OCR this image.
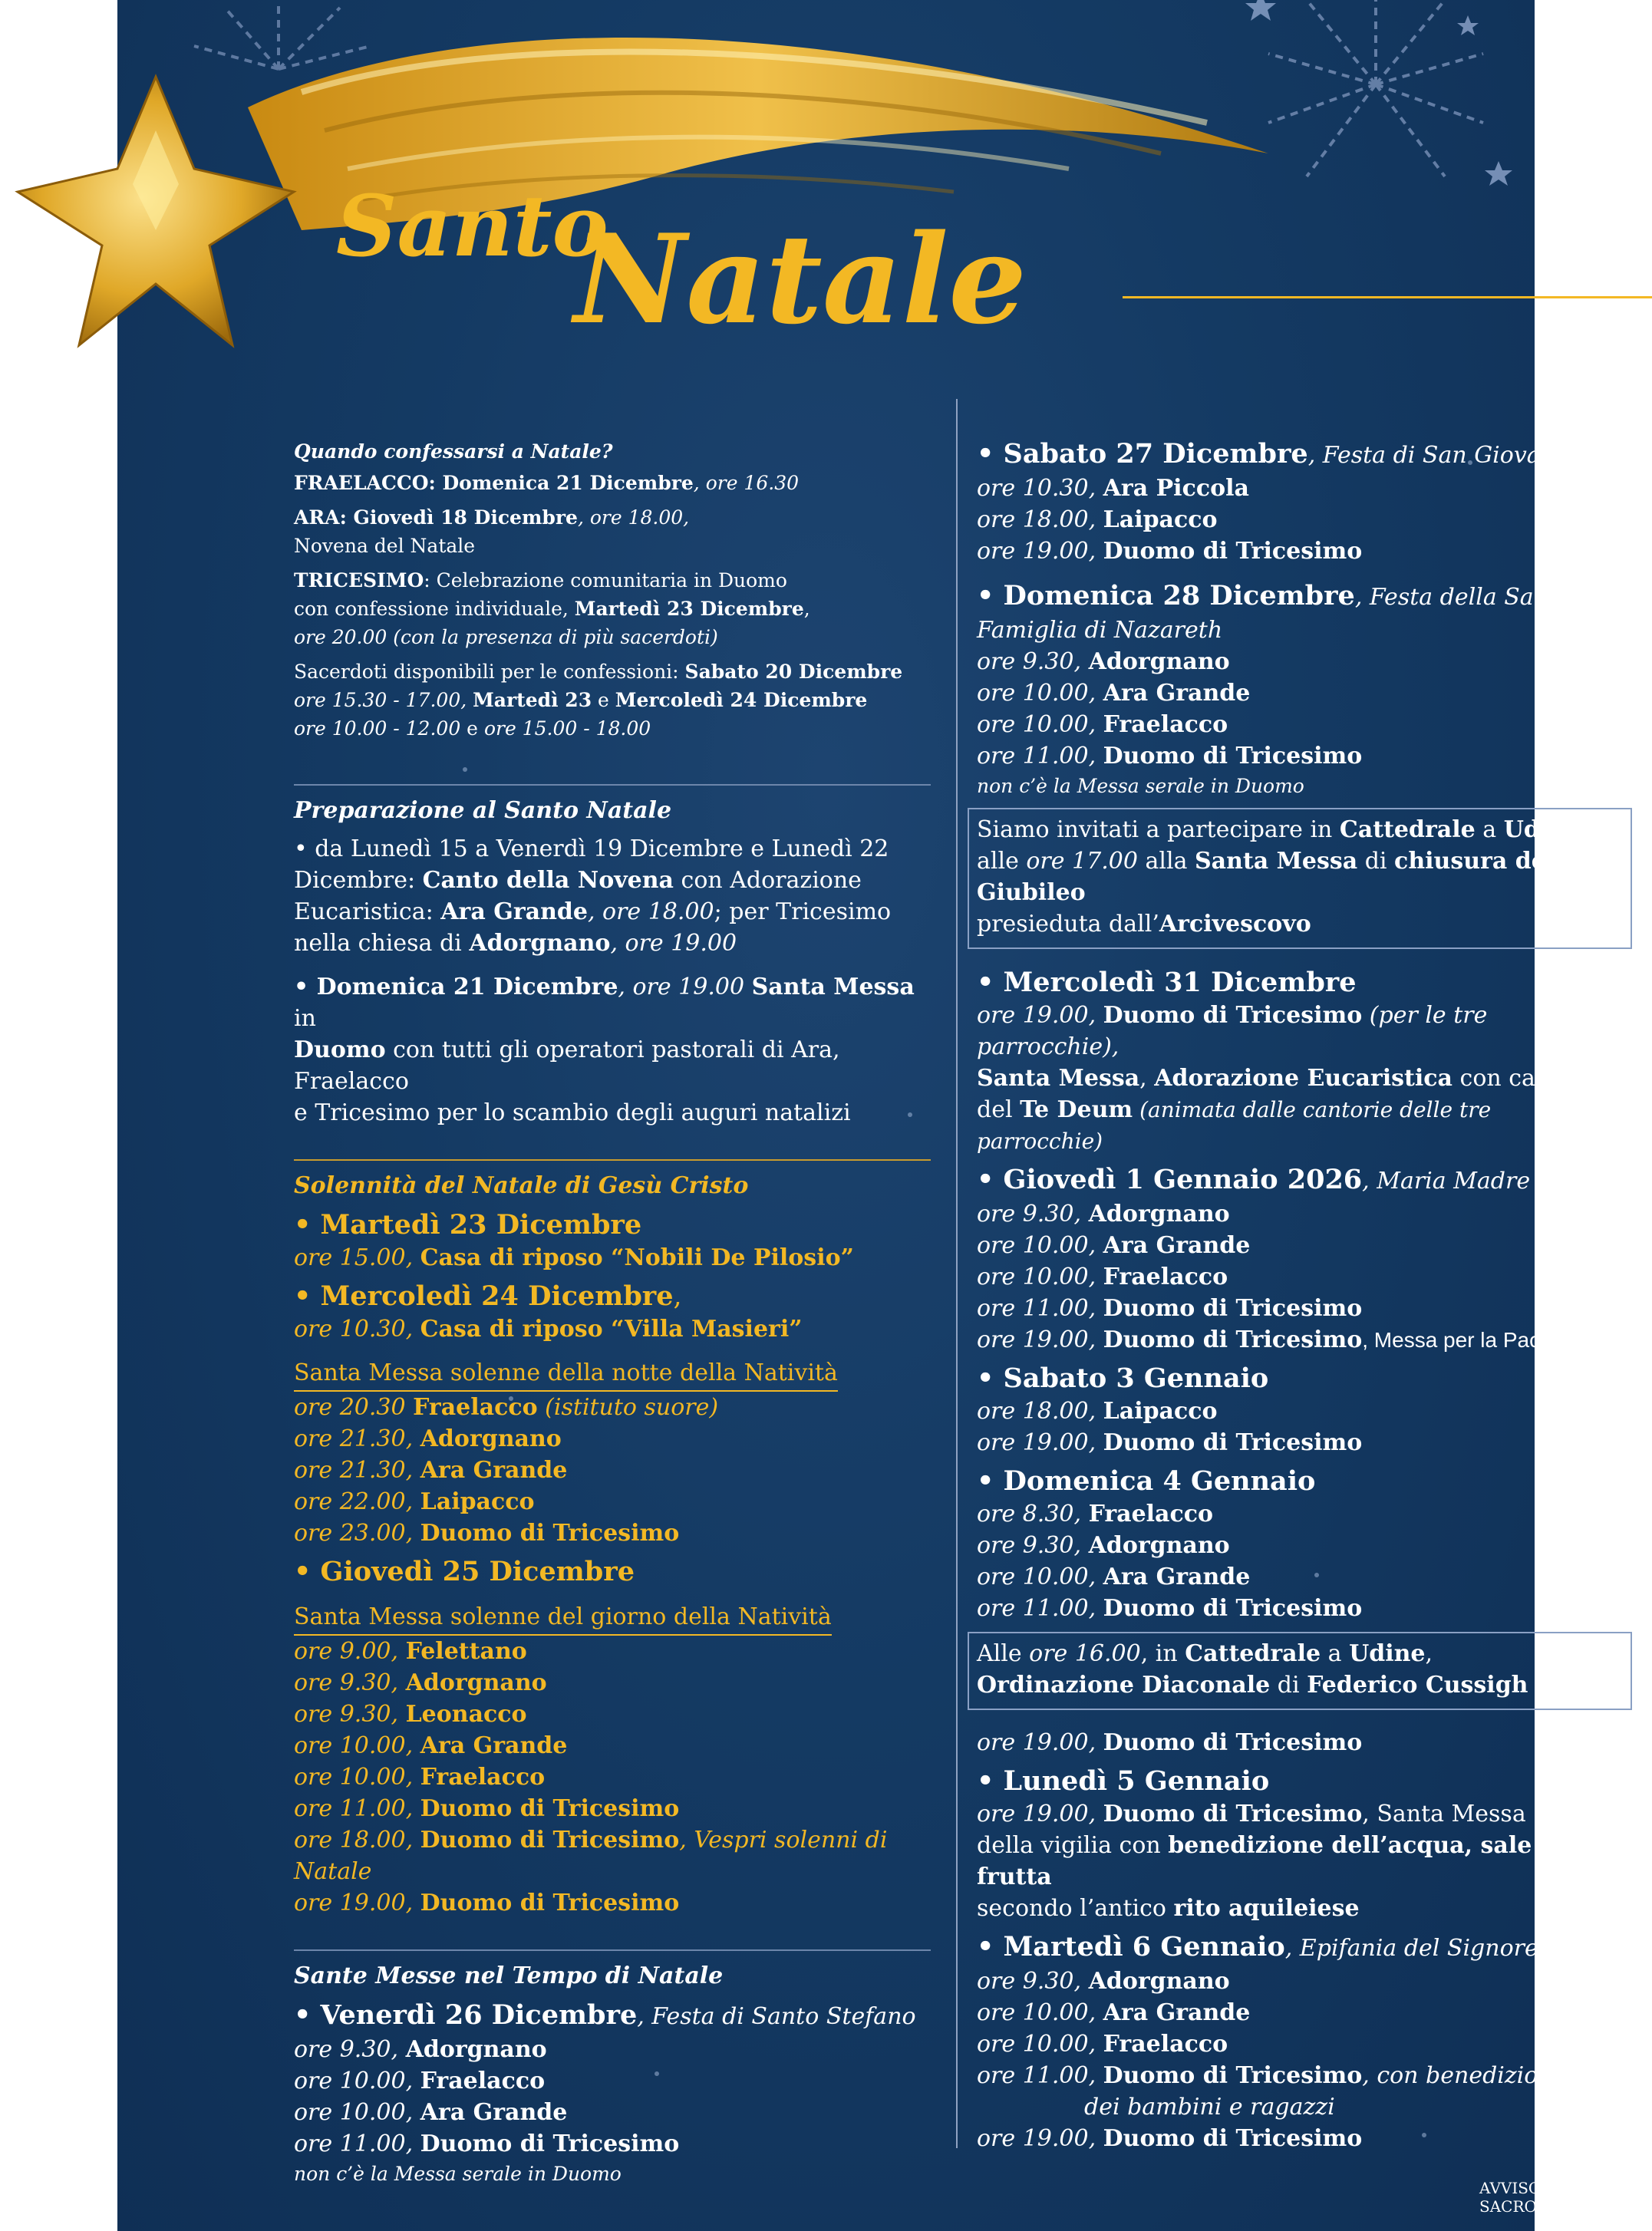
Santo
Natale

Quando confessarsi a Natale?

FRAELACCO: Domenica 21 Dicembre, ore 16.30

ARA: Giovedì 18 Dicembre, ore 18.00,
Novena del Natale

TRICESIMO: Celebrazione comunitaria in Duomo
con confessione individuale, Martedì 23 Dicembre,
ore 20.00 (con la presenza di più sacerdoti)

Sacerdoti disponibili per le confessioni: Sabato 20 Dicembre
ore 15.30 - 17.00, Martedì 23 e Mercoledì 24 Dicembre
ore 10.00 - 12.00 e ore 15.00 - 18.00

Preparazione al Santo Natale

• da Lunedì 15 a Venerdì 19 Dicembre e Lunedì 22
Dicembre: Canto della Novena con Adorazione
Eucaristica: Ara Grande, ore 18.00; per Tricesimo
nella chiesa di Adorgnano, ore 19.00

• Domenica 21 Dicembre, ore 19.00 Santa Messa in
Duomo con tutti gli operatori pastorali di Ara, Fraelacco
e Tricesimo per lo scambio degli auguri natalizi

Solennità del Natale di Gesù Cristo

• Martedì 23 Dicembre

ore 15.00, Casa di riposo “Nobili De Pilosio”

• Mercoledì 24 Dicembre,

ore 10.30, Casa di riposo “Villa Masieri”

Santa Messa solenne della notte della Natività

ore 20.30 Fraelacco (istituto suore)

ore 21.30, Adorgnano

ore 21.30, Ara Grande

ore 22.00, Laipacco

ore 23.00, Duomo di Tricesimo

• Giovedì 25 Dicembre

Santa Messa solenne del giorno della Natività

ore 9.00, Felettano

ore 9.30, Adorgnano

ore 9.30, Leonacco

ore 10.00, Ara Grande

ore 10.00, Fraelacco

ore 11.00, Duomo di Tricesimo

ore 18.00, Duomo di Tricesimo, Vespri solenni di Natale

ore 19.00, Duomo di Tricesimo

Sante Messe nel Tempo di Natale

• Venerdì 26 Dicembre, Festa di Santo Stefano

ore 9.30, Adorgnano

ore 10.00, Fraelacco

ore 10.00, Ara Grande

ore 11.00, Duomo di Tricesimo

non c’è la Messa serale in Duomo

• Sabato 27 Dicembre, Festa di San Giovanni

ore 10.30, Ara Piccola

ore 18.00, Laipacco

ore 19.00, Duomo di Tricesimo

• Domenica 28 Dicembre, Festa della Santa

Famiglia di Nazareth

ore 9.30, Adorgnano

ore 10.00, Ara Grande

ore 10.00, Fraelacco

ore 11.00, Duomo di Tricesimo

non c’è la Messa serale in Duomo

Siamo invitati a partecipare in Cattedrale a Udine
alle ore 17.00 alla Santa Messa di chiusura del Giubileo
presieduta dall’Arcivescovo

• Mercoledì 31 Dicembre

ore 19.00, Duomo di Tricesimo (per le tre parrocchie),

Santa Messa, Adorazione Eucaristica con canto

del Te Deum (animata dalle cantorie delle tre parrocchie)

• Giovedì 1 Gennaio 2026, Maria Madre di Dio

ore 9.30, Adorgnano

ore 10.00, Ara Grande

ore 10.00, Fraelacco

ore 11.00, Duomo di Tricesimo

ore 19.00, Duomo di Tricesimo, Messa per la Pace

• Sabato 3 Gennaio

ore 18.00, Laipacco

ore 19.00, Duomo di Tricesimo

• Domenica 4 Gennaio

ore 8.30, Fraelacco

ore 9.30, Adorgnano

ore 10.00, Ara Grande

ore 11.00, Duomo di Tricesimo

Alle ore 16.00, in Cattedrale a Udine,
Ordinazione Diaconale di Federico Cussigh

ore 19.00, Duomo di Tricesimo

• Lunedì 5 Gennaio

ore 19.00, Duomo di Tricesimo, Santa Messa

della vigilia con benedizione dell’acqua, sale e frutta

secondo l’antico rito aquileiese

• Martedì 6 Gennaio, Epifania del Signore

ore 9.30, Adorgnano

ore 10.00, Ara Grande

ore 10.00, Fraelacco

ore 11.00, Duomo di Tricesimo, con benedizione

dei bambini e ragazzi

ore 19.00, Duomo di Tricesimo

AVVISO SACRO
